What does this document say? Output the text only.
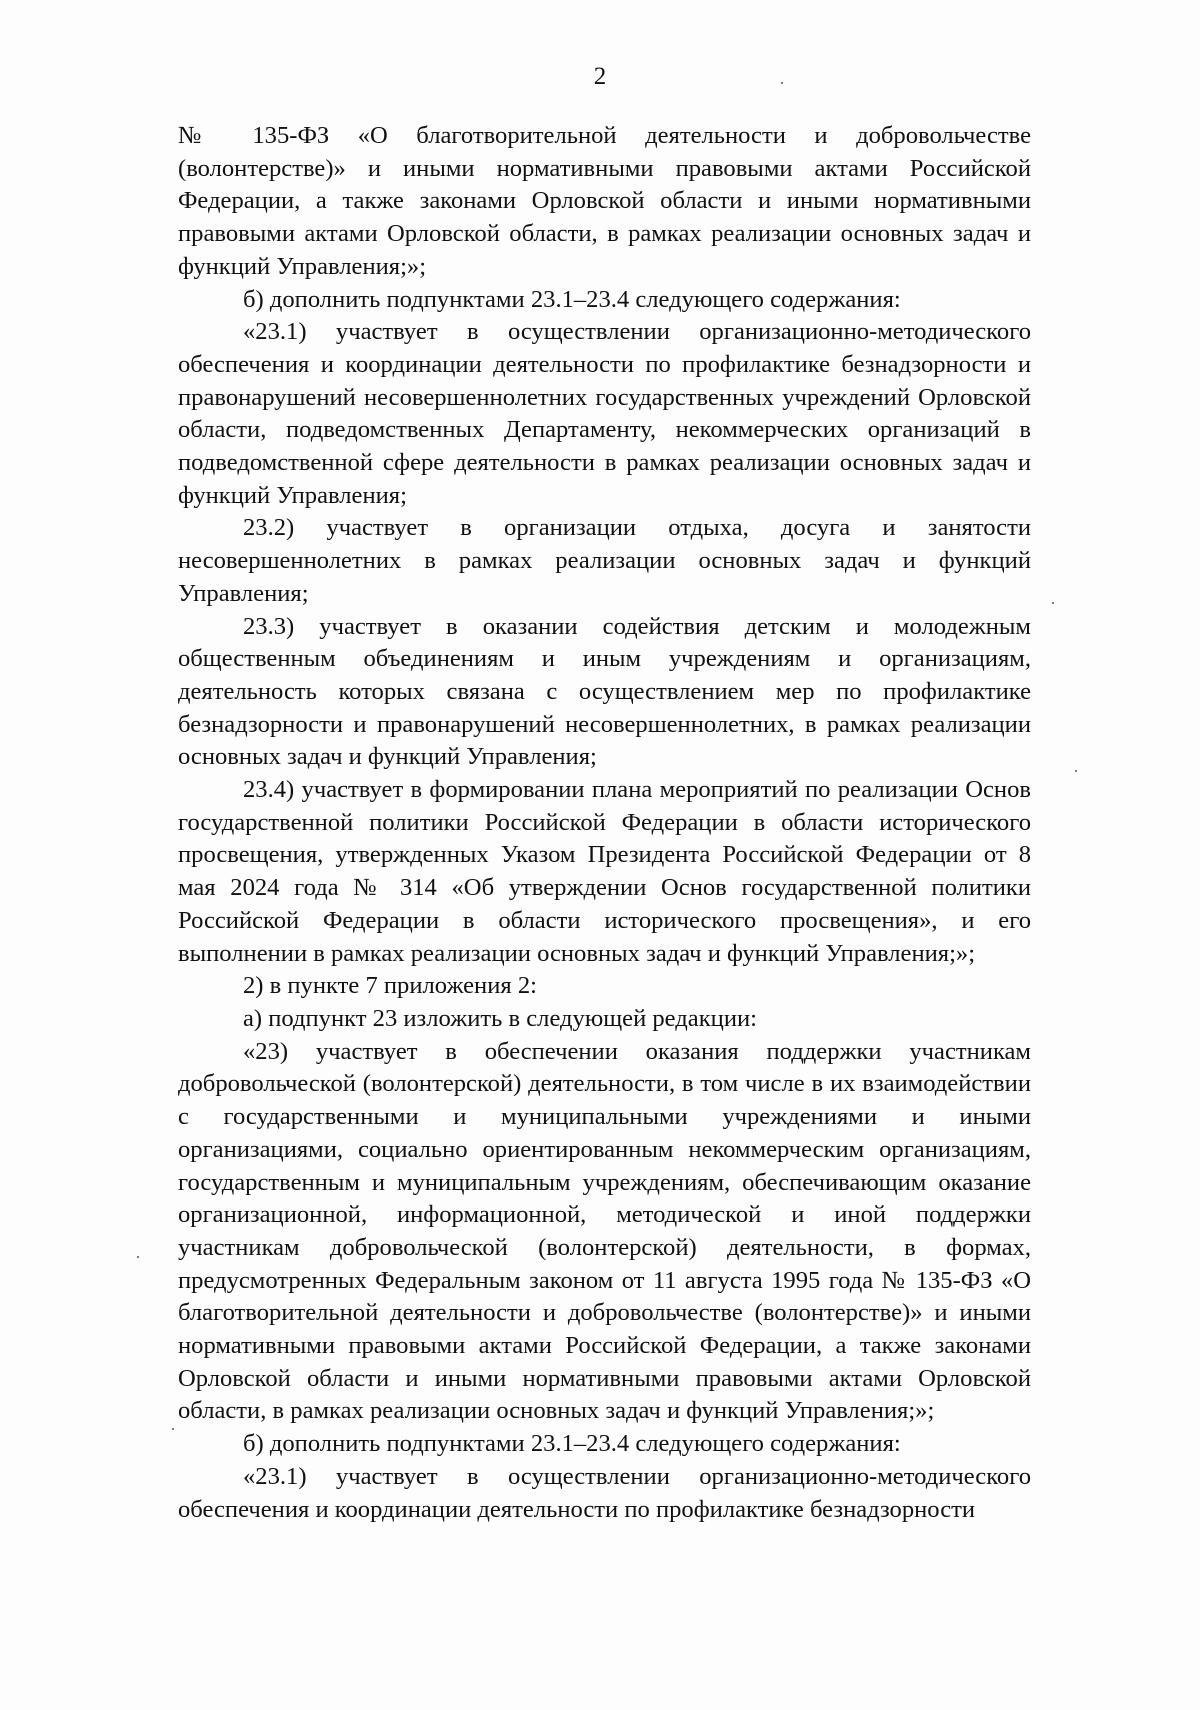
2

№ 135-ФЗ «О благотворительной деятельности и добровольчестве (волонтерстве)» и иными нормативными правовыми актами Российской Федерации, а также законами Орловской области и иными нормативными правовыми актами Орловской области, в рамках реализации основных задач и функций Управления;»;

б) дополнить подпунктами 23.1–23.4 следующего содержания:

«23.1) участвует в осуществлении организационно-методического обеспечения и координации деятельности по профилактике безнадзорности и правонарушений несовершеннолетних государственных учреждений Орловской области, подведомственных Департаменту, некоммерческих организаций в подведомственной сфере деятельности в рамках реализации основных задач и функций Управления;

23.2) участвует в организации отдыха, досуга и занятости несовершеннолетних в рамках реализации основных задач и функций Управления;

23.3) участвует в оказании содействия детским и молодежным общественным объединениям и иным учреждениям и организациям, деятельность которых связана с осуществлением мер по профилактике безнадзорности и правонарушений несовершеннолетних, в рамках реализации основных задач и функций Управления;

23.4) участвует в формировании плана мероприятий по реализации Основ государственной политики Российской Федерации в области исторического просвещения, утвержденных Указом Президента Российской Федерации от 8 мая 2024 года № 314 «Об утверждении Основ государственной политики Российской Федерации в области исторического просвещения», и его выполнении в рамках реализации основных задач и функций Управления;»;

2) в пункте 7 приложения 2:

а) подпункт 23 изложить в следующей редакции:

«23) участвует в обеспечении оказания поддержки участникам добровольческой (волонтерской) деятельности, в том числе в их взаимодействии с государственными и муниципальными учреждениями и иными организациями, социально ориентированным некоммерческим организациям, государственным и муниципальным учреждениям, обеспечивающим оказание организационной, информационной, методической и иной поддержки участникам добровольческой (волонтерской) деятельности, в формах, предусмотренных Федеральным законом от 11 августа 1995 года № 135-ФЗ «О благотворительной деятельности и добровольчестве (волонтерстве)» и иными нормативными правовыми актами Российской Федерации, а также законами Орловской области и иными нормативными правовыми актами Орловской области, в рамках реализации основных задач и функций Управления;»;

б) дополнить подпунктами 23.1–23.4 следующего содержания:

«23.1) участвует в осуществлении организационно-методического обеспечения и координации деятельности по профилактике безнадзорности
